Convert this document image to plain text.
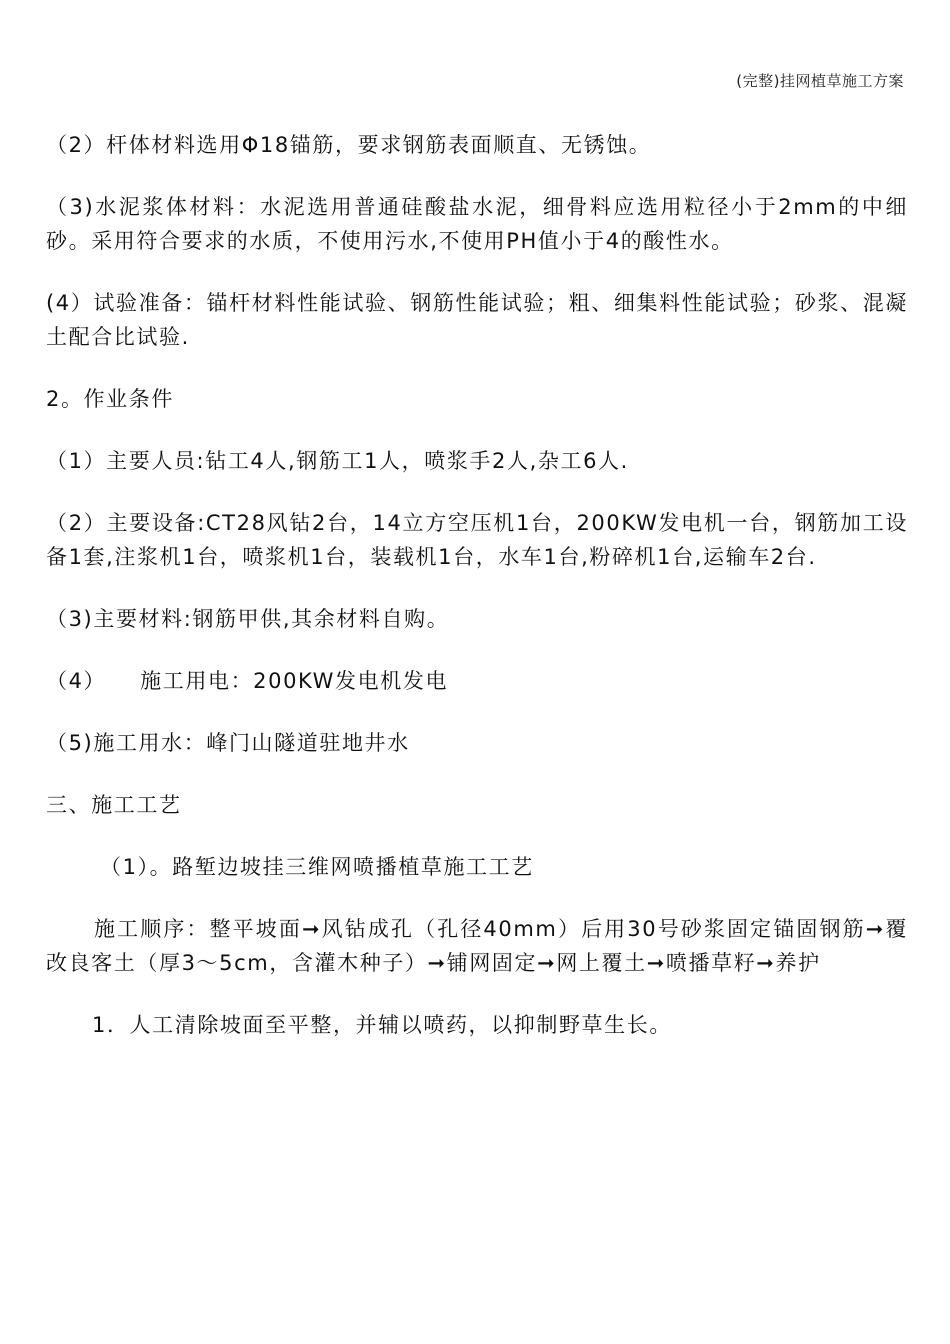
(完整)挂网植草施工方案

（2）杆体材料选用Φ18锚筋，要求钢筋表面顺直、无锈蚀。

（3)水泥浆体材料：水泥选用普通硅酸盐水泥，细骨料应选用粒径小于2mm的中细砂。采用符合要求的水质，不使用污水,不使用PH值小于4的酸性水。

(4）试验准备：锚杆材料性能试验、钢筋性能试验；粗、细集料性能试验；砂浆、混凝土配合比试验.

2。作业条件

（1）主要人员:钻工4人,钢筋工1人，喷浆手2人,杂工6人.

（2）主要设备:CT28风钻2台，14立方空压机1台，200KW发电机一台，钢筋加工设备1套,注浆机1台，喷浆机1台，装载机1台，水车1台,粉碎机1台,运输车2台.

（3)主要材料:钢筋甲供,其余材料自购。

（4） 施工用电：200KW发电机发电

（5)施工用水：峰门山隧道驻地井水

三、施工工艺

（1）。路堑边坡挂三维网喷播植草施工工艺

施工顺序：整平坡面➞风钻成孔（孔径40mm）后用30号砂浆固定锚固钢筋➞覆改良客土（厚3～5cm，含灌木种子）➞铺网固定➞网上覆土➞喷播草籽➞养护

1．人工清除坡面至平整，并辅以喷药，以抑制野草生长。
